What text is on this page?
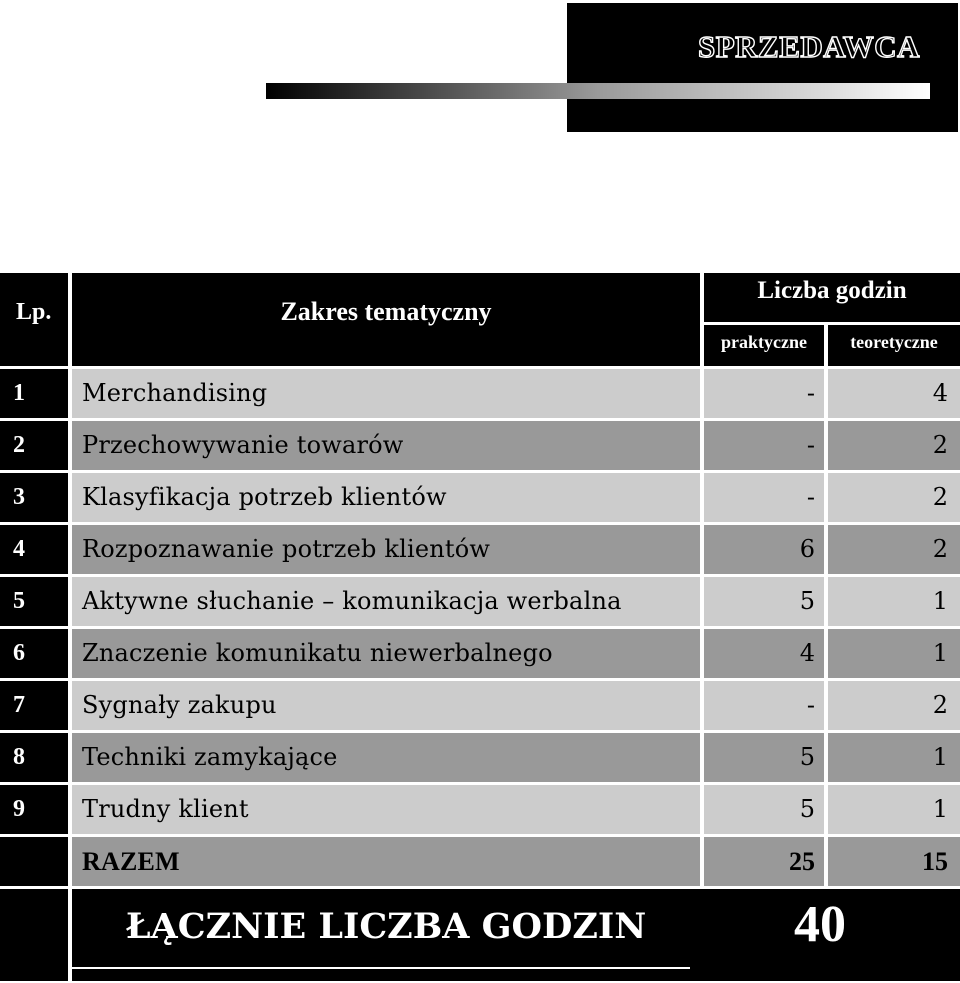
SPRZEDAWCA
Lp.	Zakres tematyczny
Liczba godzin
praktyczne	teoretyczne
1	Merchandising	-	4
2	Przechowywanie towarów	-	2
3	Klasyfikacja potrzeb klientów	-	2
4	Rozpoznawanie potrzeb klientów	6	2
5	Aktywne słuchanie – komunikacja werbalna	5	1
6	Znaczenie komunikatu niewerbalnego	4	1
7	Sygnały zakupu	-	2
8	Techniki zamykające	5	1
9	Trudny klient	5	1
RAZEM	25	15
ŁĄCZNIE LICZBA GODZIN	40
